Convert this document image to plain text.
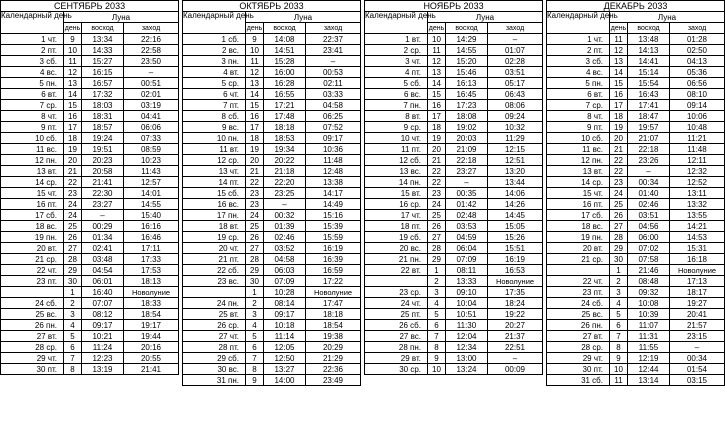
СЕНТЯБРЬ 2033			
Календарный день	Луна		
	день	восход	заход
1 чт.	9	13:34	22:16
2 пт.	10	14:33	22:58
3 сб.	11	15:27	23:50
4 вс.	12	16:15	–
5 пн.	13	16:57	00:51
6 вт.	14	17:32	02:01
7 ср.	15	18:03	03:19
8 чт.	16	18:31	04:41
9 пт.	17	18:57	06:06
10 сб.	18	19:24	07:33
11 вс.	19	19:51	08:59
12 пн.	20	20:23	10:23
13 вт.	21	20:58	11:43
14 ср.	22	21:41	12:57
15 чт.	23	22:30	14:01
16 пт.	24	23:27	14:55
17 сб.	24	–	15:40
18 вс.	25	00:29	16:16
19 пн.	26	01:34	16:46
20 вт.	27	02:41	17:11
21 ср.	28	03:48	17:33
22 чт.	29	04:54	17:53
23 пт.	30	06:01	18:13
	1	16:40	Новолуние
24 сб.	2	07:07	18:33
25 вс.	3	08:12	18:54
26 пн.	4	09:17	19:17
27 вт.	5	10:21	19:44
28 ср.	6	11:24	20:16
29 чт.	7	12:23	20:55
30 пт.	8	13:19	21:41
ОКТЯБРЬ 2033			
Календарный день	Луна		
	день	восход	заход
1 сб.	9	14:08	22:37
2 вс.	10	14:51	23:41
3 пн.	11	15:28	–
4 вт.	12	16:00	00:53
5 ср.	13	16:28	02:11
6 чт.	14	16:55	03:33
7 пт.	15	17:21	04:58
8 сб.	16	17:48	06:25
9 вс.	17	18:18	07:52
10 пн.	18	18:53	09:17
11 вт.	19	19:34	10:36
12 ср.	20	20:22	11:48
13 чт.	21	21:18	12:48
14 пт.	22	22:20	13:38
15 сб.	23	23:25	14:17
16 вс.	23	–	14:49
17 пн.	24	00:32	15:16
18 вт.	25	01:39	15:39
19 ср.	26	02:46	15:59
20 чт.	27	03:52	16:19
21 пт.	28	04:58	16:39
22 сб.	29	06:03	16:59
23 вс.	30	07:09	17:22
	1	10:28	Новолуние
24 пн.	2	08:14	17:47
25 вт.	3	09:17	18:18
26 ср.	4	10:18	18:54
27 чт.	5	11:14	19:38
28 пт.	6	12:05	20:29
29 сб.	7	12:50	21:29
30 вс.	8	13:27	22:36
31 пн.	9	14:00	23:49
НОЯБРЬ 2033			
Календарный день	Луна		
	день	восход	заход
1 вт.	10	14:29	–
2 ср.	11	14:55	01:07
3 чт.	12	15:20	02:28
4 пт.	13	15:46	03:51
5 сб.	14	16:13	05:17
6 вс.	15	16:45	06:43
7 пн.	16	17:23	08:06
8 вт.	17	18:08	09:24
9 ср.	18	19:02	10:32
10 чт.	19	20:03	11:29
11 пт.	20	21:09	12:15
12 сб.	21	22:18	12:51
13 вс.	22	23:27	13:20
14 пн.	22	–	13:44
15 вт.	23	00:35	14:06
16 ср.	24	01:42	14:26
17 чт.	25	02:48	14:45
18 пт.	26	03:53	15:05
19 сб.	27	04:59	15:26
20 вс.	28	06:04	15:51
21 пн.	29	07:09	16:19
22 вт.	1	08:11	16:53
	2	13:33	Новолуние
23 ср.	3	09:10	17:35
24 чт.	4	10:04	18:24
25 пт.	5	10:51	19:22
26 сб.	6	11:30	20:27
27 вс.	7	12:04	21:37
28 пн.	8	12:34	22:51
29 вт.	9	13:00	–
30 ср.	10	13:24	00:09
ДЕКАБРЬ 2033			
Календарный день	Луна		
	день	восход	заход
1 чт.	11	13:48	01:28
2 пт.	12	14:13	02:50
3 сб.	13	14:41	04:13
4 вс.	14	15:14	05:36
5 пн.	15	15:54	06:56
6 вт.	16	16:43	08:10
7 ср.	17	17:41	09:14
8 чт.	18	18:47	10:06
9 пт.	19	19:57	10:48
10 сб.	20	21:07	11:21
11 вс.	21	22:18	11:48
12 пн.	22	23:26	12:11
13 вт.	22	–	12:32
14 ср.	23	00:34	12:52
15 чт.	24	01:40	13:11
16 пт.	25	02:46	13:32
17 сб.	26	03:51	13:55
18 вс.	27	04:56	14:21
19 пн.	28	06:00	14:53
20 вт.	29	07:02	15:31
21 ср.	30	07:58	16:18
	1	21:46	Новолуние
22 чт.	2	08:48	17:13
23 пт.	3	09:32	18:17
24 сб.	4	10:08	19:27
25 вс.	5	10:39	20:41
26 пн.	6	11:07	21:57
27 вт.	7	11:31	23:15
28 ср.	8	11:55	–
29 чт.	9	12:19	00:34
30 пт.	10	12:44	01:54
31 сб.	11	13:14	03:15
